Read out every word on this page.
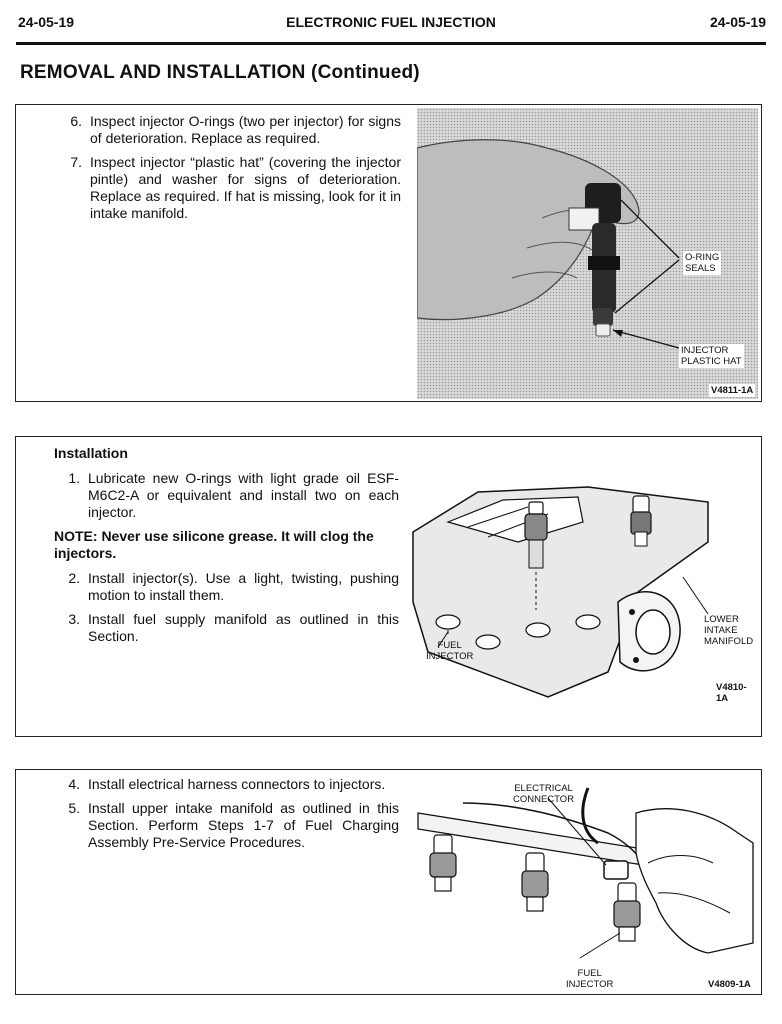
24-05-19	ELECTRONIC FUEL INJECTION	24-05-19
REMOVAL AND INSTALLATION (Continued)
6. Inspect injector O-rings (two per injector) for signs of deterioration. Replace as required.
7. Inspect injector “plastic hat” (covering the injector pintle) and washer for signs of deterioration. Replace as required. If hat is missing, look for it in intake manifold.
O-RING
SEALS
INJECTOR
PLASTIC HAT
V4811-1A
Installation
1. Lubricate new O-rings with light grade oil ESF-M6C2-A or equivalent and install two on each injector.
NOTE: Never use silicone grease. It will clog the injectors.
2. Install injector(s). Use a light, twisting, pushing motion to install them.
3. Install fuel supply manifold as outlined in this Section.
LOWER
INTAKE
MANIFOLD
FUEL
INJECTOR
V4810-1A
4. Install electrical harness connectors to injectors.
5. Install upper intake manifold as outlined in this Section. Perform Steps 1-7 of Fuel Charging Assembly Pre-Service Procedures.
ELECTRICAL
CONNECTOR
FUEL
INJECTOR	V4809-1A
